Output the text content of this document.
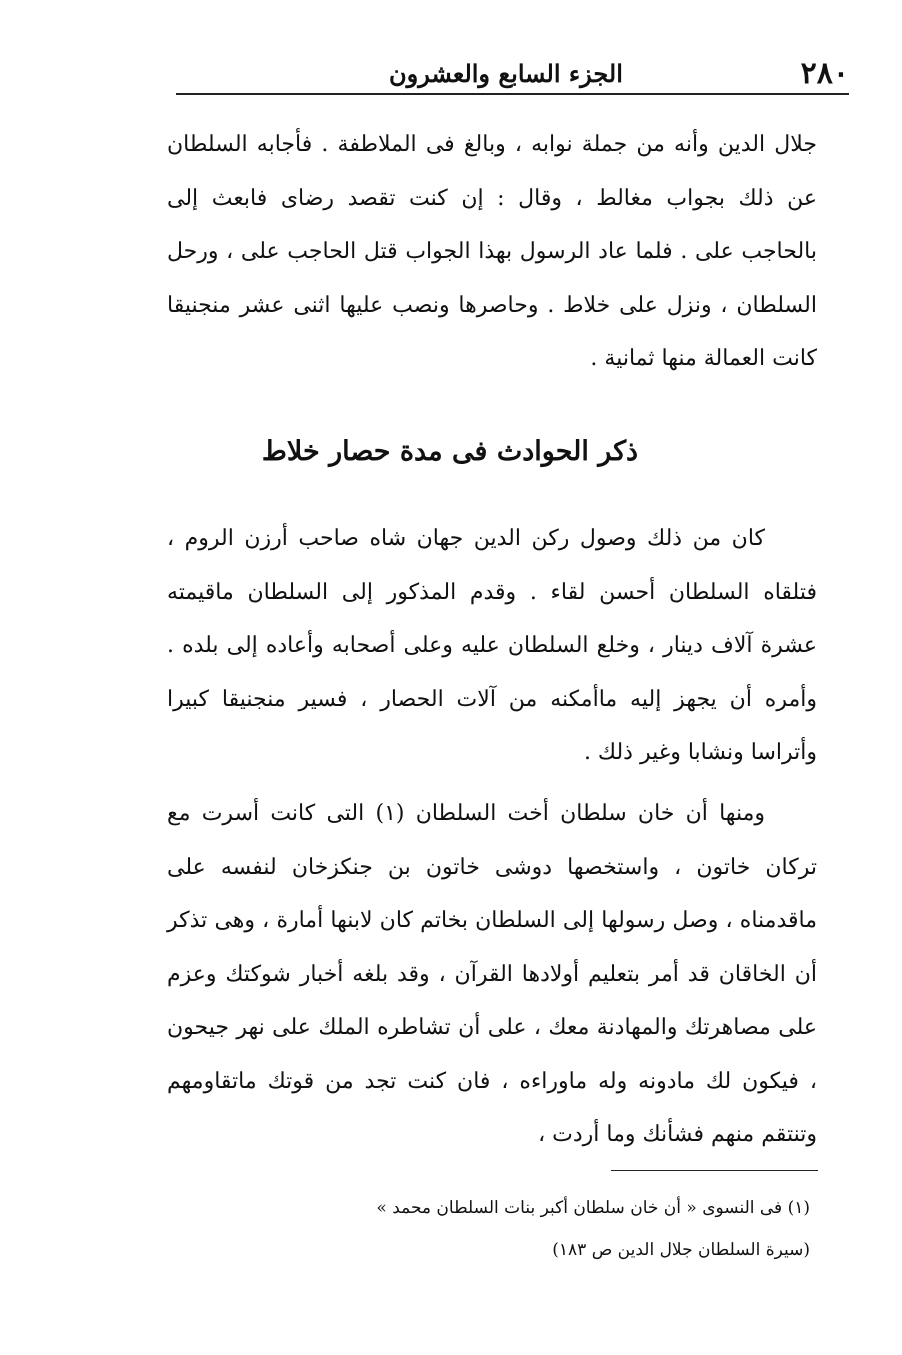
٢٨٠
الجزء السابع والعشرون

جلال الدين وأنه من جملة نوابه ، وبالغ فى الملاطفة . فأجابه السلطان عن ذلك بجواب مغالط ، وقال : إن كنت تقصد رضاى فابعث إلى بالحاجب على . فلما عاد الرسول بهذا الجواب قتل الحاجب على ، ورحل السلطان ، ونزل على خلاط . وحاصرها ونصب عليها اثنى عشر منجنيقا كانت العمالة منها ثمانية .

ذكر الحوادث فى مدة حصار خلاط

كان من ذلك وصول ركن الدين جهان شاه صاحب أرزن الروم ، فتلقاه السلطان أحسن لقاء . وقدم المذكور إلى السلطان ماقيمته عشرة آلاف دينار ، وخلع السلطان عليه وعلى أصحابه وأعاده إلى بلده . وأمره أن يجهز إليه ماأمكنه من آلات الحصار ، فسير منجنيقا كبيرا وأتراسا ونشابا وغير ذلك .

ومنها أن خان سلطان أخت السلطان (١) التى كانت أسرت مع تركان خاتون ، واستخصها دوشى خاتون بن جنكزخان لنفسه على ماقدمناه ، وصل رسولها إلى السلطان بخاتم كان لابنها أمارة ، وهى تذكر أن الخاقان قد أمر بتعليم أولادها القرآن ، وقد بلغه أخبار شوكتك وعزم على مصاهرتك والمهادنة معك ، على أن تشاطره الملك على نهر جيحون ، فيكون لك مادونه وله ماوراءه ، فان كنت تجد من قوتك ماتقاومهم وتنتقم منهم فشأنك وما أردت ،

(١) فى النسوى « أن خان سلطان أكبر بنات السلطان محمد »

(سيرة السلطان جلال الدين ص ١٨٣)
